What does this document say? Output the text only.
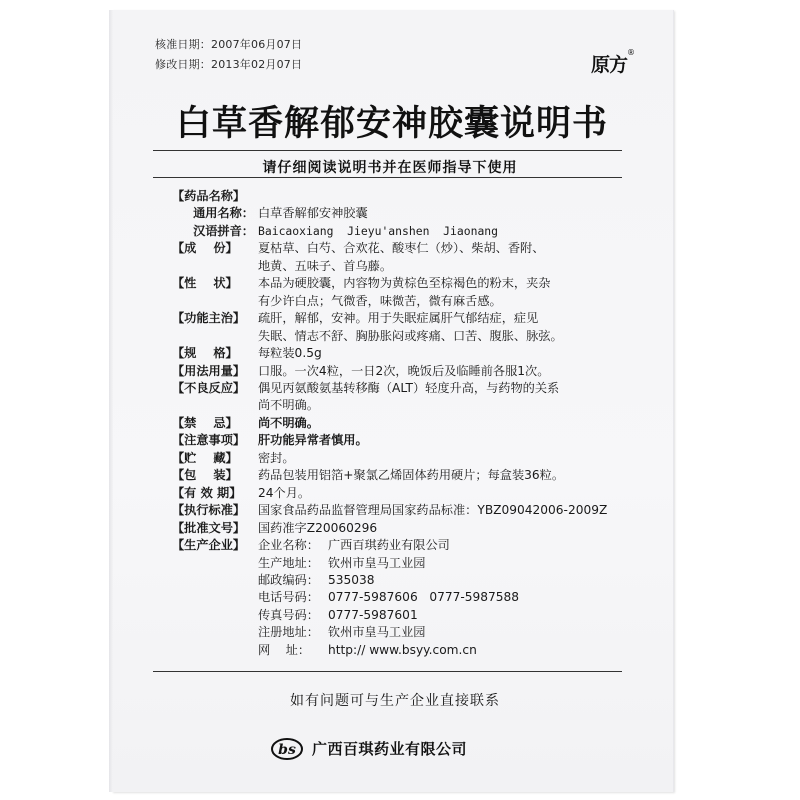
核准日期：2007年06月07日
修改日期：2013年02月07日	原方
®
白草香解郁安神胶囊说明书
请仔细阅读说明书并在医师指导下使用
【药品名称】
通用名称： 白草香解郁安神胶囊
汉语拼音： Baicaoxiang  Jieyu'anshen  Jiaonang
【成    份】	夏枯草、白芍、合欢花、酸枣仁（炒）、柴胡、香附、
地黄、五味子、首乌藤。
【性    状】	本品为硬胶囊，内容物为黄棕色至棕褐色的粉末，夹杂
有少许白点；气微香，味微苦，微有麻舌感。
【功能主治】	疏肝，解郁，安神。用于失眠症属肝气郁结症，症见
失眠、情志不舒、胸胁胀闷或疼痛、口苦、腹胀、脉弦。
【规    格】	每粒装0.5g
【用法用量】	口服。一次4粒，一日2次，晚饭后及临睡前各服1次。
【不良反应】	偶见丙氨酸氨基转移酶（ALT）轻度升高，与药物的关系
尚不明确。
【禁    忌】	尚不明确。
【注意事项】	肝功能异常者慎用。
【贮    藏】	密封。
【包    装】	药品包装用铝箔+聚氯乙烯固体药用硬片；每盒装36粒。
【有 效 期】	24个月。
【执行标准】	国家食品药品监督管理局国家药品标准：YBZ09042006-2009Z
【批准文号】	国药准字Z20060296
【生产企业】	企业名称： 广西百琪药业有限公司
生产地址： 钦州市皇马工业园
邮政编码： 535038
电话号码： 0777-5987606   0777-5987588
传真号码： 0777-5987601
注册地址： 钦州市皇马工业园
网    址：	http:// www.bsyy.com.cn
如有问题可与生产企业直接联系
bs 广西百琪药业有限公司
